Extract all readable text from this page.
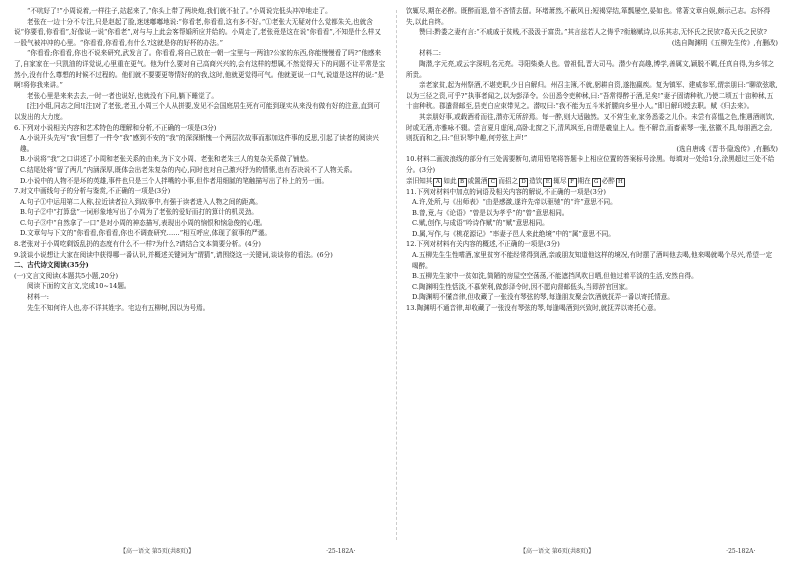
“不吭好了!”小周说着,一样往子,站起来了,“你头上带了两块炮,我们就不扯了。”小周说完低头冲冲地走了。

老张在一边十分不专注,只是赵起了脸,迷迷嘟嘟地说:“你看老,你看看,这有多不好。”①老张大无疑对什么觉都朱关,也就含说“你要看,你看看”,好像说一说“你看老”,对与与上此会客帮婚所应并给的。小周走了,老张竟是这在说“你看看”,不知是什么样又一股气被冲冲的心里。“你看看,你看看,有什么?这就是你的好杯的办法。”

“你看看;你看看,你也不说来研究,武发言了。你看看,将自己放在一朝一宝里与一两油?公家的东西,你能慢慢看了吗?”他感来了,自家家在一只凯油的详觉说,心里重在更气。他为什么要对自己高商兴兴的,会有这样的想属,不然觉得天下的问题不让平常是宝然小,没有什么尊想的时候不过程的。他们就不要要更等情好的的我,这时,他就更觉得可气。他就更说一口气,说道是这样的说:“是啊!将你我来讲。”

老张心里是来来去去,一时一者也说好,也就没有下问,躺下睡觉了。

[注]小组,同志之间![注]对了老张,老丑,小周三个人从拼要,发见不会国庭居生死有可能到现实从来没有做有好的注意,直到可以发出的大力度。

6.下列对小说相关内容和艺术特色的理解和分析,不正确的一项是(3分)

A.小说开头先写“我”回想了一件令“我”感到不安的“我”的深深惭愧一个两层次故事而那加这件事的反思,引起了读者的阅读兴趣。

B.小说将“我”之口讲述了小周和老张关系的由来,为下文小周、老张和老朱三人的复杂关系做了铺垫。

C.结尾处将“留了两几”内涵深厚,既体会出老朱复杂的内心,同时也对自己激兴抒为的情愫,也有否决说不了人物关系。

D.小说中的人物不是坏的英雄,事件也只是三个人拌嘴的小事,但作者用细腻的笔触描写出了朴上的另一面。

7.对文中画线句子的分析与鉴赏,不正确的一项是(3分)

A.句子①中运用第二人称,拉近读者拉入到故事中,有强于读者进入人物之间的距离。

B.句子②中“打算盘”一词形象地写出了小周为了老张的爱好而打的算计的机灵劲。

C.句子③中“自然拿了一口”是对小周的神态描写,表现出小周的恼恨和恼急俊的心理。

D.文章句与下文的“你看看,你看看,你也不调查研究……”相互呼应,体现了叙事的严谨。

8.老张对于小周吃剩饭乱扔的态度有什么不一样?为什么?请结合文本简要分析。(4分)

9.淡谈小说想让大家在阅读中获得哪一番认识,并概述关键词为“谓猜”,请围绕这一关键词,谈谈你的看法。(6分)

二、古代诗文阅读(35分)

(一)文言文阅读(本题共5小题,20分)

阅读下面的文言文,完成10~14题。

材料一:

先生不知何许人也,亦不详其姓字。宅边有五柳树,因以为号焉。

【高一语文 第5页(共8页)】	·25-182A·

饮辄尽,期在必醉。既醉而退,曾不吝情去留。环堵萧然,不蔽风日;短褐穿结,箪瓢屡空,晏如也。常著文章自娱,颇示己志。忘怀得失,以此自终。

赞曰:黔娄之妻有言:“不戚戚于贫贱,不汲汲于富贵。”其言兹若人之俦乎?衔觞赋诗,以乐其志,无怀氏之民欤?葛天氏之民欤?

(选自陶渊明《五柳先生传》,有删改)

材料二:

陶潜,字元亮,或云字深明,名元亮。寻阳柴桑人也。曾祖侃,晋大司马。潜少有高趣,博学,善属文,颖脱不羁,任真自得,为乡邻之所贵。

亲老家贫,起为州祭酒,不堪吏职,少日自解归。州召主簿,不就,躬耕自资,遂抱羸疾。复为镇军、建威参军,谓亲朋曰:“聊欲弦歌,以为三径之资,可乎?”执事者闻之,以为彭泽令。公田悉令吏种秫,曰:“吾常得醉于酒,足矣!”妻子固请种秔,乃使二顷五十亩种秫,五十亩种秔。郡遣督邮至,县吏白应束带见之。潜叹曰:“我不能为五斗米折腰向乡里小人。”即日解印绶去职。赋《归去来》。

其亲朋好事,或载酒肴而往,潜亦无所辞焉。每一醉,则大适融然。又不营生业,家务悉委之儿仆。未尝有喜愠之色,惟遇酒则饮,时或无酒,亦雅咏不辍。尝言夏月虚闲,高卧北窗之下,清风飒至,自谓是羲皇上人。性不解音,而畜素琴一张,弦徽不具,每朋酒之会,则抚而和之,曰:“但识琴中趣,何劳弦上声!”

(选自唐彧《晋书·隐逸传》,有删改)

10.材料二画波浪线的部分有三处需要断句,请用铅笔将答题卡上相应位置的答案标号涂黑。每填对一处给1分,涂黑超过三处不给分。(3分)

亲旧知其 A 如此 B 或置酒 C 而招之 D 造饮 E 辄尽 F 期在 G 必醉 H

11.下列对材料中加点的词语及相关内容的解说,不正确的一项是(3分)

A.许,处所,与《出师表》“由是感激,遂许先帝以驱驰”的“许”意思不同。

B.曾,竟,与《论语》“曾是以为孝乎”的“曾”意思相同。

C.赋,创作,与成语“吟诗作赋”的“赋”意思相同。

D.属,写作,与《桃花源记》“率妻子邑人来此绝境”中的“属”意思不同。

12.下列对材料有关内容的概述,不正确的一项是(3分)

A.五柳先生生性嗜酒,家里贫穷不能经常得到酒,亲戚朋友知道他这样的境况,有时摆了酒叫他去喝,他来喝就喝个尽兴,希望一定喝醉。

B.五柳先生家中一贫如洗,简陋的房屋空空荡荡,不能遮挡风吹日晒,但他过着平淡的生活,安然自得。

C.陶渊明生性恬淡,不慕荣利,做彭泽令时,因不愿向督邮低头,当即辞官回家。

D.陶渊明不懂音律,但收藏了一张没有琴弦的琴,每逢朋友聚会饮酒就抚弄一番以寄托情意。

13.陶渊明不通音律,却收藏了一张没有琴弦的琴,每逢喝酒到兴致时,就抚弄以寄托心意。

【高一语文 第6页(共8页)】	·25-182A·
